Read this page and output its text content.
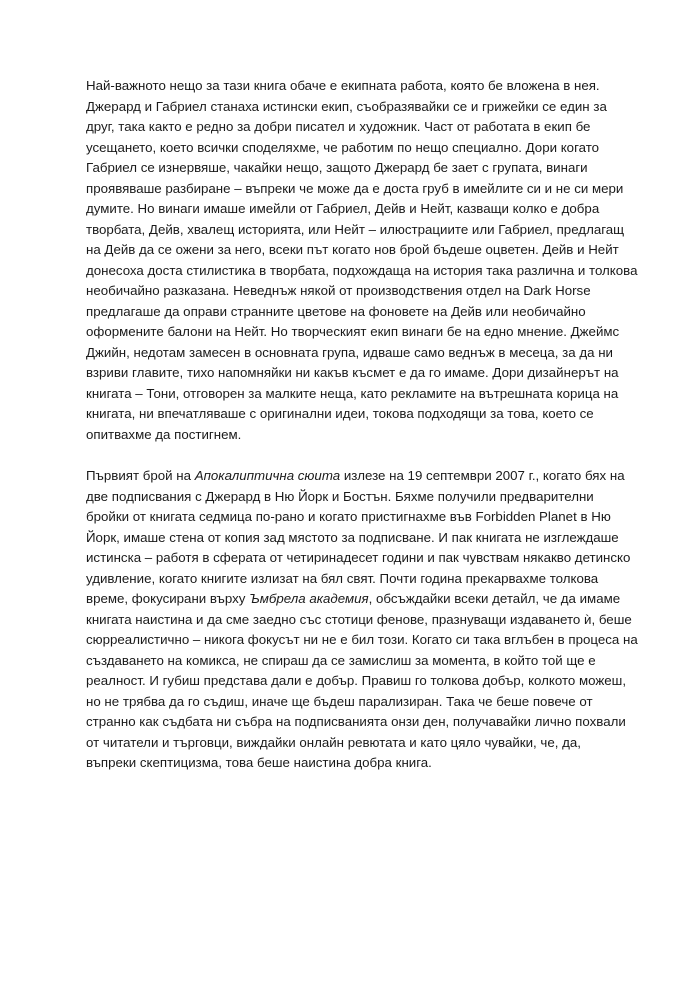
Най-важното нещо за тази книга обаче е екипната работа, която бе вложена в нея.
Джерард и Габриел станаха истински екип, съобразявайки се и грижейки се един за
друг, така както е редно за добри писател и художник. Част от работата в екип бе
усещането, което всички споделяхме, че работим по нещо специално. Дори когато
Габриел се изнервяше, чакайки нещо, защото Джерард бе зает с групата, винаги
проявяваше разбиране – въпреки че може да е доста груб в имейлите си и не си мери
думите. Но винаги имаше имейли от Габриел, Дейв и Нейт, казващи колко е добра
творбата, Дейв, хвалещ историята, или Нейт – илюстрациите или Габриел, предлагащ
на Дейв да се ожени за него, всеки път когато нов брой бъдеше оцветен. Дейв и Нейт
донесоха доста стилистика в творбата, подхождаща на история така различна и толкова
необичайно разказана. Неведнъж някой от производствения отдел на Dark Horse
предлагаше да оправи странните цветове на фоновете на Дейв или необичайно
оформените балони на Нейт. Но творческият екип винаги бе на едно мнение. Джеймс
Джийн, недотам замесен в основната група, идваше само веднъж в месеца, за да ни
взриви главите, тихо напомняйки ни какъв късмет е да го имаме. Дори дизайнерът на
книгата – Тони, отговорен за малките неща, като рекламите на вътрешната корица на
книгата, ни впечатляваше с оригинални идеи, токова подходящи за това, което се
опитвахме да постигнем.
Първият брой на Апокалиптична сюита излезе на 19 септември 2007 г., когато бях на
две подписвания с Джерард в Ню Йорк и Бостън. Бяхме получили предварителни
бройки от книгата седмица по-рано и когато пристигнахме във Forbidden Planet в Ню
Йорк, имаше стена от копия зад мястото за подписване. И пак книгата не изглеждаше
истинска – работя в сферата от четиринадесет години и пак чувствам някакво детинско
удивление, когато книгите излизат на бял свят. Почти година прекарвахме толкова
време, фокусирани върху Ъмбрела академия, обсъждайки всеки детайл, че да имаме
книгата наистина и да сме заедно със стотици фенове, празнуващи издаването ѝ, беше
сюрреалистично – никога фокусът ни не е бил този. Когато си така вглъбен в процеса на
създаването на комикса, не спираш да се замислиш за момента, в който той ще е
реалност. И губиш представа дали е добър. Правиш го толкова добър, колкото можеш,
но не трябва да го съдиш, иначе ще бъдеш парализиран. Така че беше повече от
странно как съдбата ни събра на подписванията онзи ден, получавайки лично похвали
от читатели и търговци, виждайки онлайн ревютата и като цяло чувайки, че, да,
въпреки скептицизма, това беше наистина добра книга.
